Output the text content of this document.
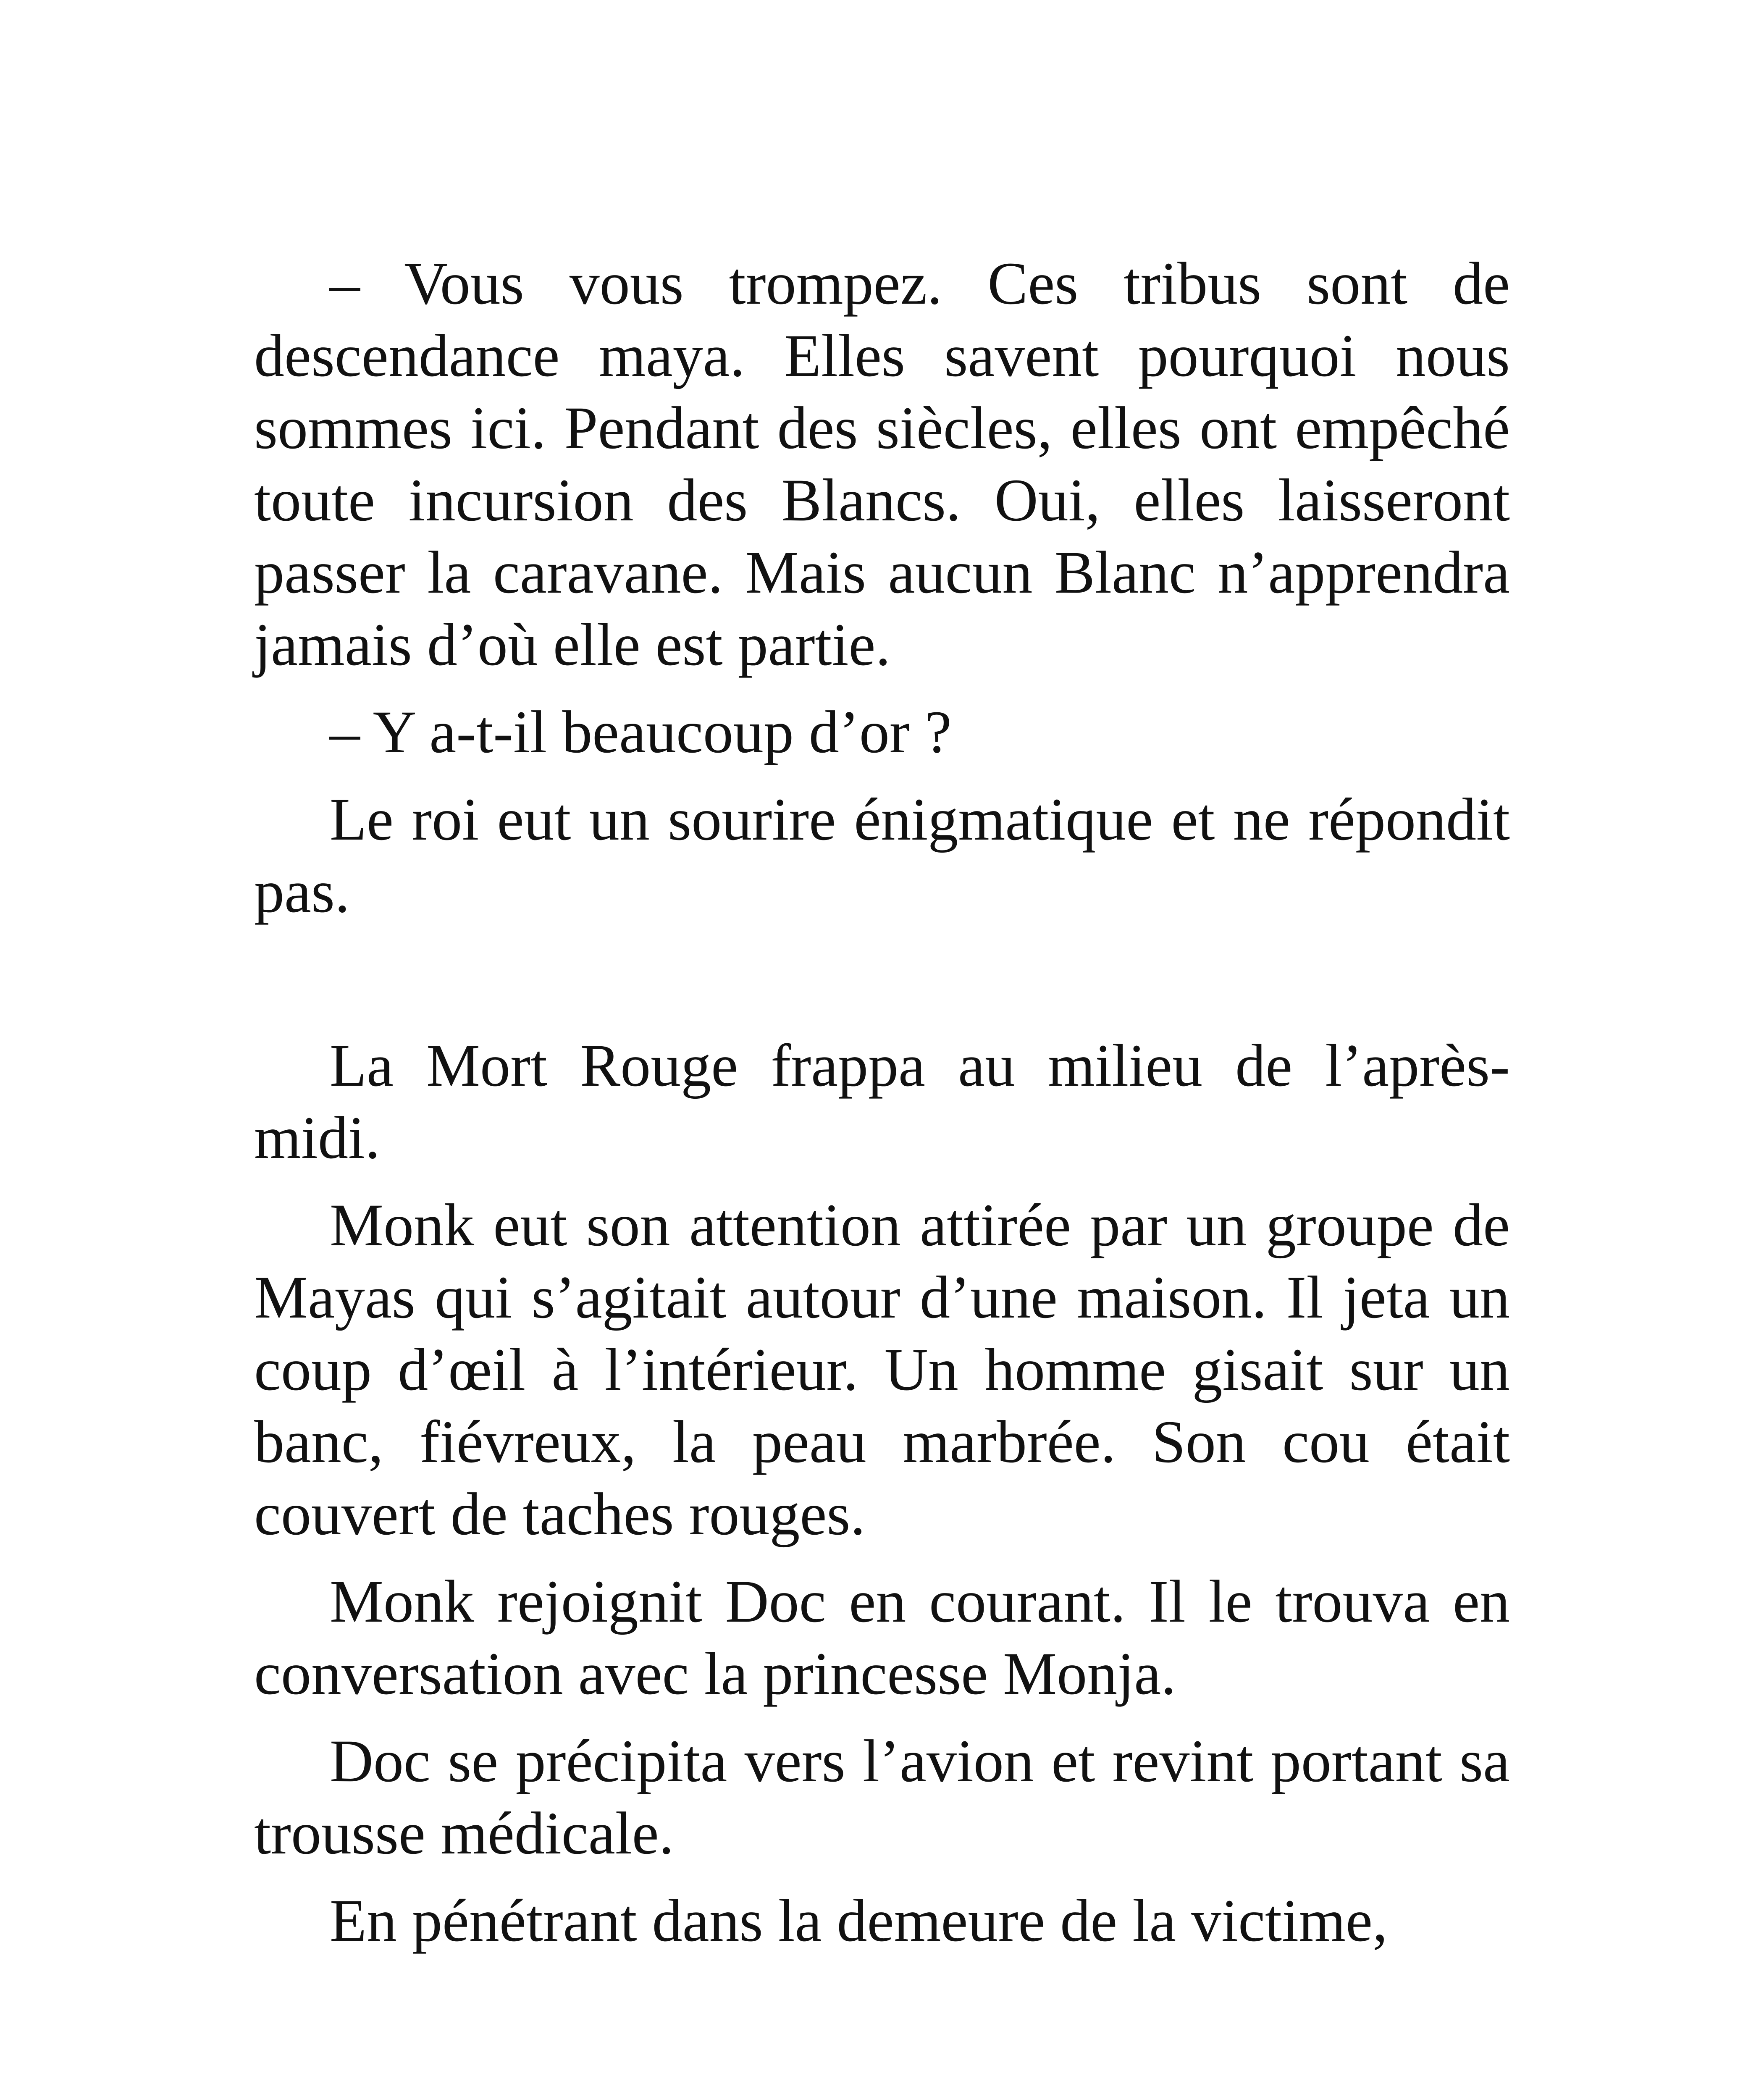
– Vous vous trompez. Ces tribus sont de descendance maya. Elles savent pourquoi nous sommes ici. Pendant des siècles, elles ont empêché toute incursion des Blancs. Oui, elles laisseront passer la caravane. Mais aucun Blanc n’apprendra jamais d’où elle est partie.

– Y a-t-il beaucoup d’or ?

Le roi eut un sourire énigmatique et ne répondit pas.

La Mort Rouge frappa au milieu de l’après-midi.

Monk eut son attention attirée par un groupe de Mayas qui s’agitait autour d’une maison. Il jeta un coup d’œil à l’intérieur. Un homme gisait sur un banc, fiévreux, la peau marbrée. Son cou était couvert de taches rouges.

Monk rejoignit Doc en courant. Il le trouva en conversation avec la princesse Monja.

Doc se précipita vers l’avion et revint portant sa trousse médicale.

En pénétrant dans la demeure de la victime,
